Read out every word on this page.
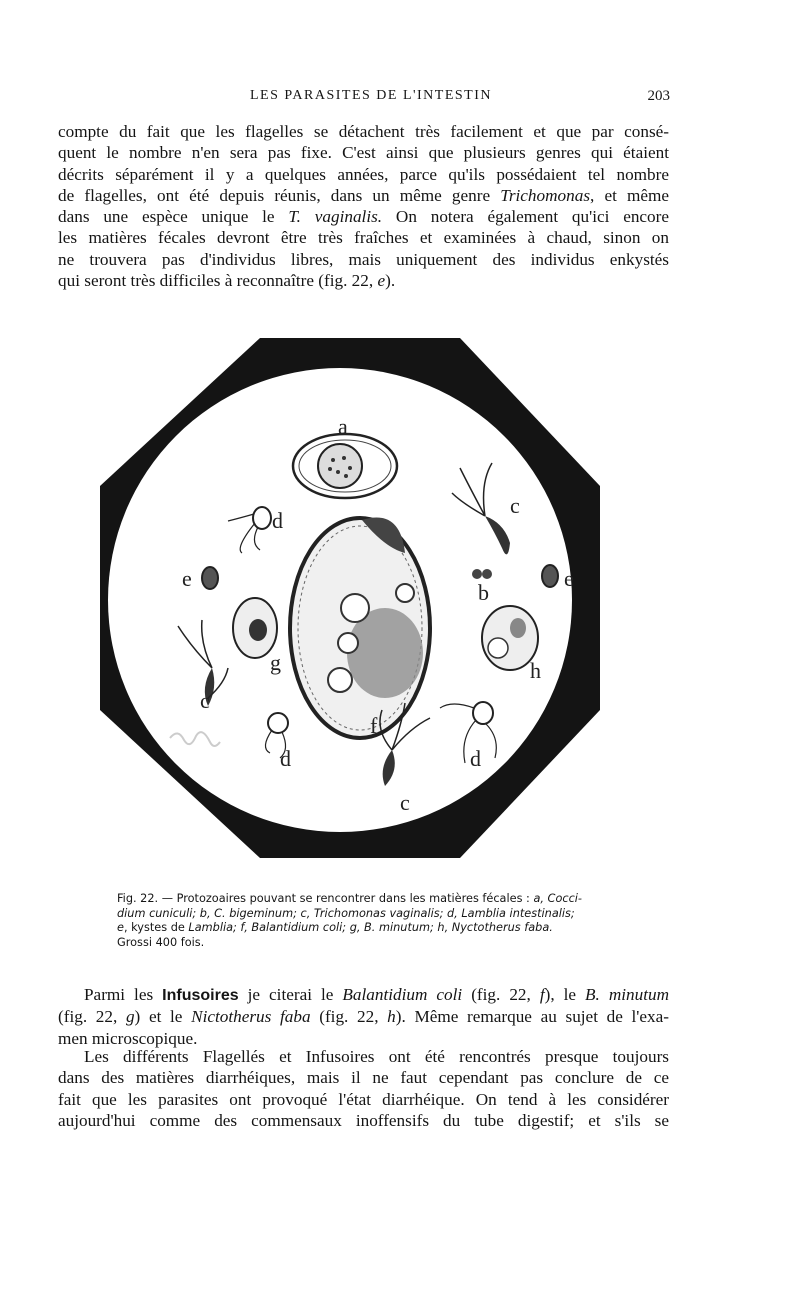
LES PARASITES DE L'INTESTIN	203
compte du fait que les flagelles se détachent très facilement et que par consé-
quent le nombre n'en sera pas fixe. C'est ainsi que plusieurs genres qui étaient
décrits séparément il y a quelques années, parce qu'ils possédaient tel nombre
de flagelles, ont été depuis réunis, dans un même genre Trichomonas, et même
dans une espèce unique le T. vaginalis. On notera également qu'ici encore
les matières fécales devront être très fraîches et examinées à chaud, sinon on
ne trouvera pas d'individus libres, mais uniquement des individus enkystés
qui seront très difficiles à reconnaître (fig. 22, e).
a
b
c
c
c
d
d	d
e	e
f
g	h
Fig. 22. — Protozoaires pouvant se rencontrer dans les matières fécales : a, Cocci-
dium cuniculi; b, C. bigeminum; c, Trichomonas vaginalis; d, Lamblia intestinalis;
e, kystes de Lamblia; f, Balantidium coli; g, B. minutum; h, Nyctotherus faba.
Grossi 400 fois.
Parmi les Infusoires je citerai le Balantidium coli (fig. 22, f), le B. minutum
(fig. 22, g) et le Nictotherus faba (fig. 22, h). Même remarque au sujet de l'exa-
men microscopique.
Les différents Flagellés et Infusoires ont été rencontrés presque toujours
dans des matières diarrhéiques, mais il ne faut cependant pas conclure de ce
fait que les parasites ont provoqué l'état diarrhéique. On tend à les considérer
aujourd'hui comme des commensaux inoffensifs du tube digestif; et s'ils se
